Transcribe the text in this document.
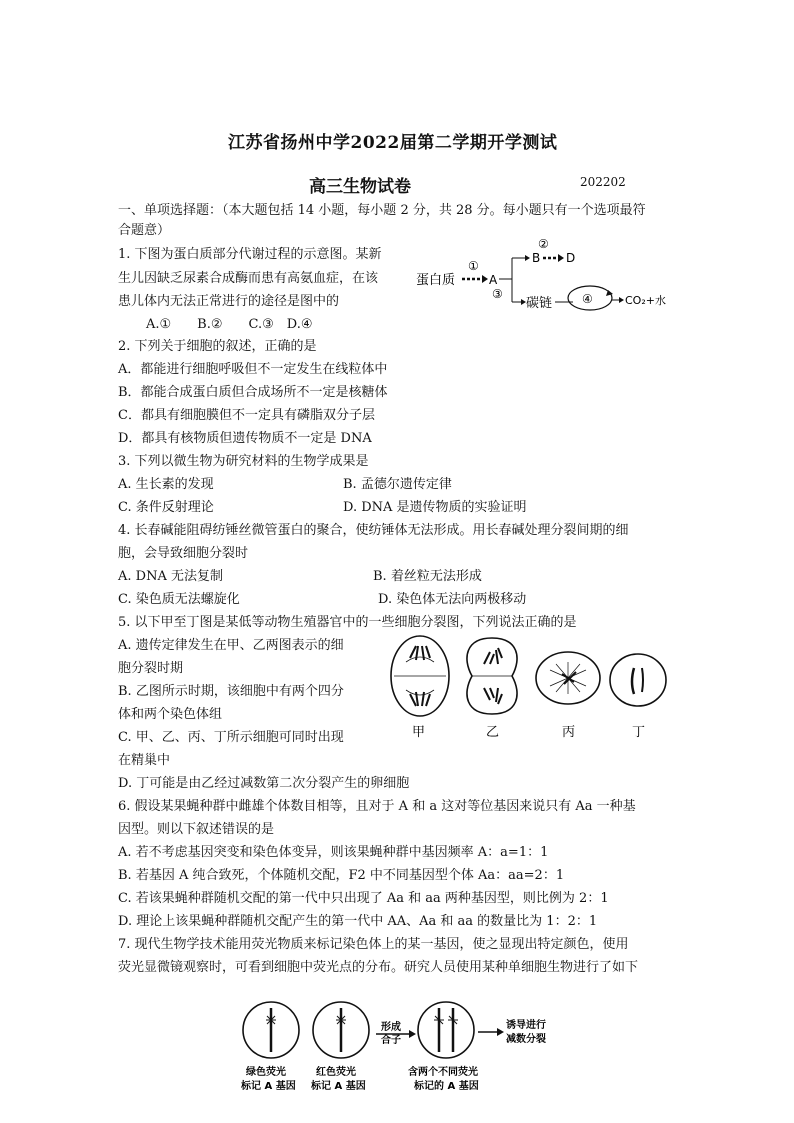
江苏省扬州中学2022届第二学期开学测试
高三生物试卷	202202
一、单项选择题：（本大题包括 14 小题，每小题 2 分，共 28 分。每小题只有一个选项最符
合题意）
1. 下图为蛋白质部分代谢过程的示意图。某新
生儿因缺乏尿素合成酶而患有高氨血症，在该
患儿体内无法正常进行的途径是图中的
A.①　　B.②　　C.③　D.④
蛋白质
①
A
③
B
②
D
碳链 ④	CO₂+水
2. 下列关于细胞的叙述，正确的是
A．都能进行细胞呼吸但不一定发生在线粒体中
B．都能合成蛋白质但合成场所不一定是核糖体
C．都具有细胞膜但不一定具有磷脂双分子层
D．都具有核物质但遗传物质不一定是 DNA
3. 下列以微生物为研究材料的生物学成果是
A. 生长素的发现	B. 孟德尔遗传定律
C. 条件反射理论	D. DNA 是遗传物质的实验证明
4. 长春碱能阻碍纺锤丝微管蛋白的聚合，使纺锤体无法形成。用长春碱处理分裂间期的细
胞，会导致细胞分裂时
A. DNA 无法复制	B. 着丝粒无法形成
C. 染色质无法螺旋化	D. 染色体无法向两极移动
5. 以下甲至丁图是某低等动物生殖器官中的一些细胞分裂图，下列说法正确的是
A. 遗传定律发生在甲、乙两图表示的细
胞分裂时期
B. 乙图所示时期，该细胞中有两个四分
体和两个染色体组
C. 甲、乙、丙、丁所示细胞可同时出现
在精巢中
D. 丁可能是由乙经过减数第二次分裂产生的卵细胞
甲	乙	丙	丁
6. 假设某果蝇种群中雌雄个体数目相等，且对于 A 和 a 这对等位基因来说只有 Aa 一种基
因型。则以下叙述错误的是
A. 若不考虑基因突变和染色体变异，则该果蝇种群中基因频率 A：a=1：1
B. 若基因 A 纯合致死，个体随机交配，F2 中不同基因型个体 Aa：aa=2：1
C. 若该果蝇种群随机交配的第一代中只出现了 Aa 和 aa 两种基因型，则比例为 2：1
D. 理论上该果蝇种群随机交配产生的第一代中 AA、Aa 和 aa 的数量比为 1：2：1
7. 现代生物学技术能用荧光物质来标记染色体上的某一基因，使之显现出特定颜色，使用
荧光显微镜观察时，可看到细胞中荧光点的分布。研究人员使用某种单细胞生物进行了如下
绿色荧光
标记 A 基因
红色荧光
标记 A 基因
形成
合子
含两个不同荧光
标记的 A 基因
诱导进行
减数分裂
